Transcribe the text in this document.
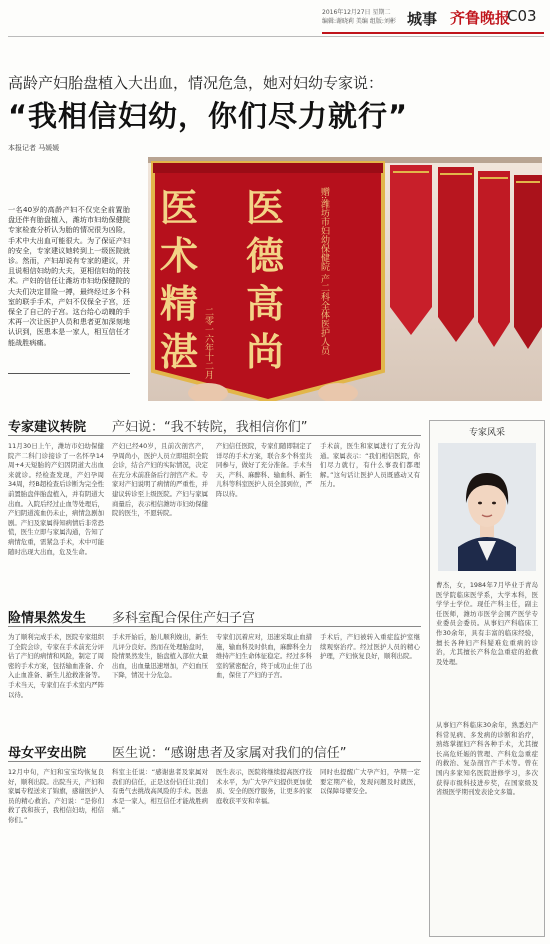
2016年12月27日 星期二
编辑:谢晓莉 美编 组版:刘彬 城事 齐鲁晚报
C03
高龄产妇胎盘植入大出血，情况危急，她对妇幼专家说：
“我相信妇幼，你们尽力就行”
本报记者 马媛媛
一名40岁的高龄产妇不仅完全前置胎盘还伴有胎盘植入，潍坊市妇幼保健院专家检查分析认为胎的情况很为凶险，手术中大出血可能很大。为了保证产妇的安全，专家建议她转到上一级医院就诊。然而，产妇却说有专家的建议，并且说相信妇幼的大夫，更相信妇幼的技术。产妇的信任让潍坊市妇幼保健院的大夫们决定冒险一搏，最终经过多个科室的联手手术，产妇不仅保全子宫，还保全了自己的子宫。这台给心动魄的手术再一次让医护人员和患者更加深刻地认识到，医患本是一家人，相互信任才能战胜病痛。
医
德
高
尚
医
术
精
湛	赠:潍坊市妇幼保健院 产二科全体医护人员
二零一六年十二月
专家建议转院 产妇说：“我不转院，我相信你们”
11月30日上午，潍坊市妇幼保健院产二科门诊接诊了一名怀孕14周+4天短胎的产妇因阴道大出血来就诊。经检查发现，产妇孕周34周，经B超检查后诊断为完全性前置胎盘伴胎盘植入，并有阴道大出血。入院后经过止血等处理后，产妇阴道流血仍未止，病情急剧加剧。产妇及家属得知病情后非常恐慌，医生立即与家属沟通，告知了病情危重，需紧急手术，术中可能随时出现大出血，危及生命。
产妇已经40岁，且前次剖宫产，孕周尚小，医护人员立即组织全院会诊，结合产妇的实际情况，决定在充分术前准备后行剖宫产术。专家对产妇说明了病情的严重性，并建议转诊至上级医院。产妇与家属商量后，表示相信潍坊市妇幼保健院的医生，不愿转院。
产妇信任医院，专家们随即制定了详尽的手术方案，联合多个科室共同参与，做好了充分准备。手术当天，产科、麻醉科、输血科、新生儿科等科室医护人员全部到位，严阵以待。
手术前，医生和家属进行了充分沟通。家属表示：“我们相信医院，你们尽力就行，有什么事我们都理解。”这句话让医护人员既感动又有压力。
险情果然发生 多科室配合保住产妇子宫
为了顺利完成手术，医院专家组织了全院会诊，专家在手术前充分评估了产妇的病情和风险，制定了周密的手术方案，包括输血准备、介入止血准备、新生儿抢救准备等。手术当天，专家们在手术室内严阵以待。
手术开始后，胎儿顺利娩出，新生儿评分良好。然而在处理胎盘时，险情果然发生，胎盘植入部位大量出血，出血量迅速增加，产妇血压下降，情况十分危急。
专家们沉着应对，迅速采取止血措施，输血科及时供血，麻醉科全力维持产妇生命体征稳定。经过多科室的紧密配合，终于成功止住了出血，保住了产妇的子宫。
手术后，产妇被转入重症监护室继续观察治疗。经过医护人员的精心护理，产妇恢复良好，顺利出院。
母女平安出院 医生说：“感谢患者及家属对我们的信任”
12月中旬，产妇和宝宝均恢复良好，顺利出院。出院当天，产妇和家属专程送来了锦旗，感谢医护人员的精心救治。产妇说：“是你们救了我和孩子，我相信妇幼，相信你们。”
科室主任说：“感谢患者及家属对我们的信任，正是这份信任让我们有勇气去挑战高风险的手术。医患本是一家人，相互信任才能战胜病痛。”
医生表示，医院将继续提高医疗技术水平，为广大孕产妇提供更加优质、安全的医疗服务，让更多的家庭收获平安和幸福。
同时也提醒广大孕产妇，孕期一定要定期产检，发现问题及时就医，以保障母婴安全。
专家风采
曹杰，女，1984年7月毕业于青岛医学院临床医学系，大学本科，医学学士学位。现任产科主任，副主任医师，潍坊市医学会围产医学专业委员会委员。从事妇产科临床工作30余年，具有丰富的临床经验，擅长各种妇产科疑难危重病的诊治，尤其擅长产科危急重症的抢救及处理。
从事妇产科临床30余年，熟悉妇产科常见病、多发病的诊断和治疗，熟练掌握妇产科各种手术，尤其擅长高危妊娠的管理、产科危急重症的救治、复杂剖宫产手术等。曾在国内多家知名医院进修学习，多次获得市级科技进步奖，在国家级及省级医学期刊发表论文多篇。
